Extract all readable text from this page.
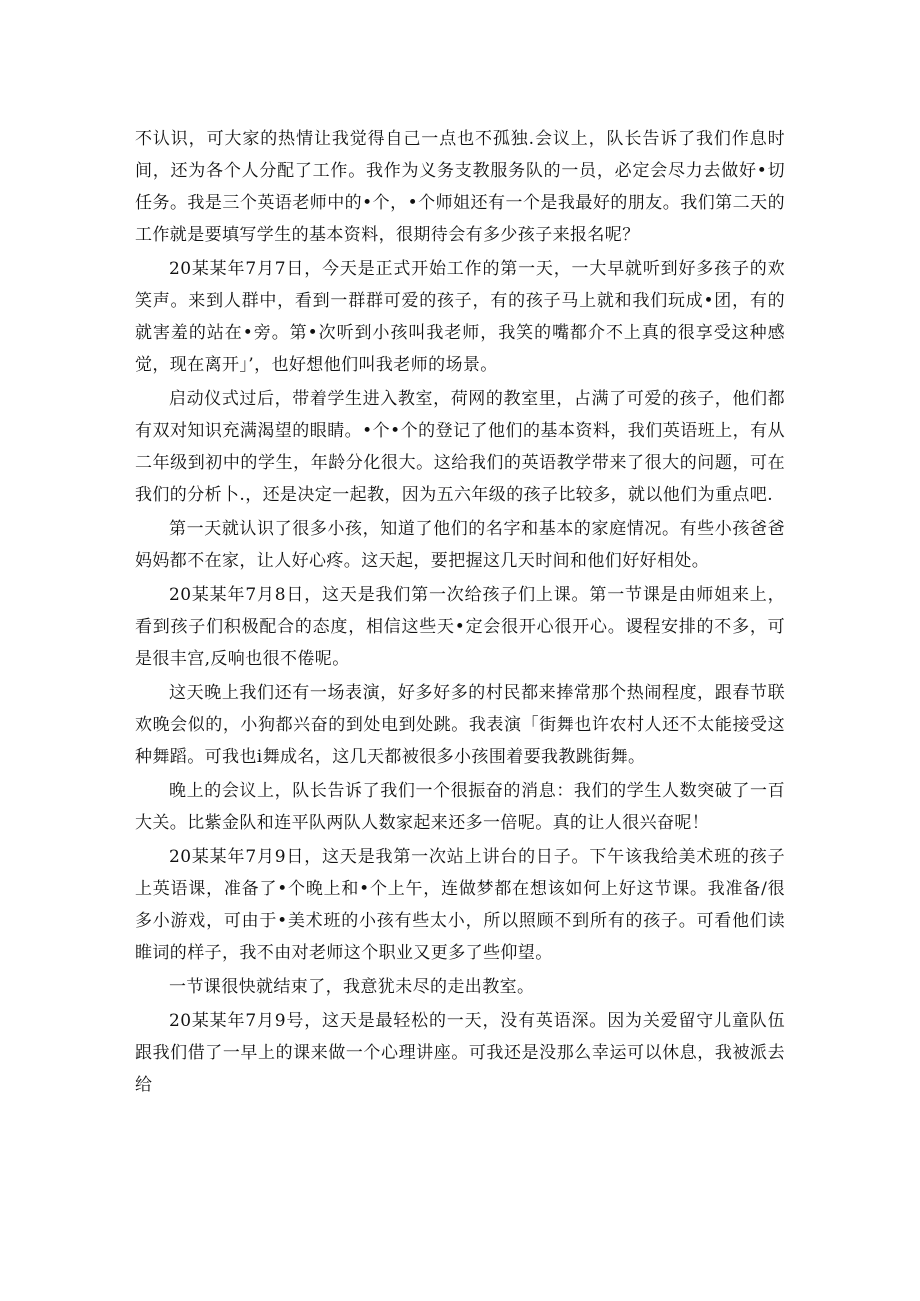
不认识，可大家的热情让我觉得自己一点也不孤独.会议上，队长告诉了我们作息时间，还为各个人分配了工作。我作为义务支教服务队的一员，必定会尽力去做好•切任务。我是三个英语老师中的•个，•个师姐还有一个是我最好的朋友。我们第二天的工作就是要填写学生的基本资料，很期待会有多少孩子来报名呢？

20某某年7月7日，今天是正式开始工作的第一天，一大早就听到好多孩子的欢笑声。来到人群中，看到一群群可爱的孩子，有的孩子马上就和我们玩成•团，有的就害羞的站在•旁。第•次听到小孩叫我老师，我笑的嘴都介不上真的很享受这种感觉，现在离开」’，也好想他们叫我老师的场景。

启动仪式过后，带着学生进入教室，荷网的教室里，占满了可爱的孩子，他们都有双对知识充满渴望的眼睛。•个•个的登记了他们的基本资料，我们英语班上，有从二年级到初中的学生，年龄分化很大。这给我们的英语教学带来了很大的问题，可在我们的分析卜.，还是决定一起教，因为五六年级的孩子比较多，就以他们为重点吧.

第一天就认识了很多小孩，知道了他们的名字和基本的家庭情况。有些小孩爸爸妈妈都不在家，让人好心疼。这天起，要把握这几天时间和他们好好相处。

20某某年7月8日，这天是我们第一次给孩子们上课。第一节课是由师姐来上，看到孩子们积极配合的态度，相信这些天•定会很开心很开心。谡程安排的不多，可是很丰宫,反响也很不倦呢。

这天晚上我们还有一场表演，好多好多的村民都来捧常那个热闹程度，跟春节联欢晚会似的，小狗都兴奋的到处电到处跳。我表演「街舞也许农村人还不太能接受这种舞蹈。可我也i舞成名，这几天都被很多小孩围着要我教跳街舞。

晚上的会议上，队长告诉了我们一个很振奋的消息：我们的学生人数突破了一百大关。比紫金队和连平队两队人数家起来还多一倍呢。真的让人很兴奋呢！

20某某年7月9日，这天是我第一次站上讲台的日子。下午该我给美术班的孩子上英语课，准备了•个晚上和•个上午，连做梦都在想该如何上好这节课。我准备/很多小游戏，可由于•美术班的小孩有些太小，所以照顾不到所有的孩子。可看他们读睢词的样子，我不由对老师这个职业又更多了些仰望。

一节课很快就结束了，我意犹未尽的走出教室。

20某某年7月9号，这天是最轻松的一天，没有英语深。因为关爱留守儿童队伍跟我们借了一早上的课来做一个心理讲座。可我还是没那么幸运可以休息，我被派去给
